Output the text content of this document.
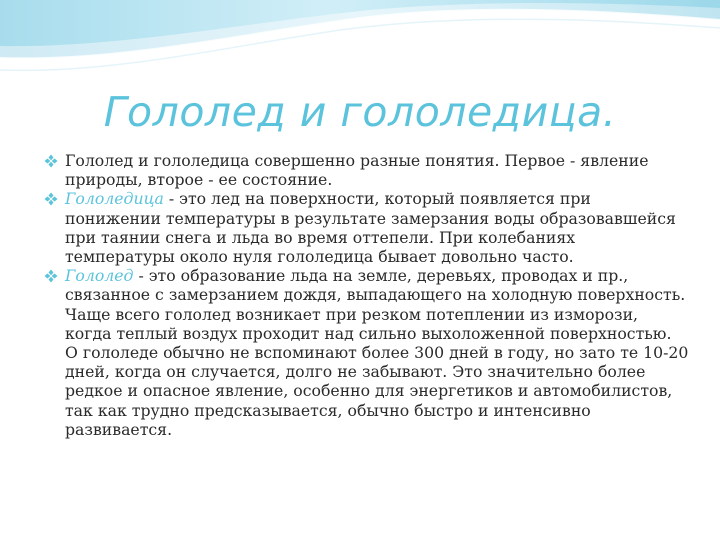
Гололед и гололедица.
Гололед и гололедица совершенно разные понятия. Первое - явление природы, второе - ее состояние.
Гололедица - это лед на поверхности, который появляется при понижении температуры в результате замерзания воды образовавшейся при таянии снега и льда во время оттепели. При колебаниях температуры около нуля гололедица бывает довольно часто.
Гололед - это образование льда на земле, деревьях, проводах и пр., связанное с замерзанием дождя, выпадающего на холодную поверхность. Чаще всего гололед возникает при резком потеплении из изморози, когда теплый воздух проходит над сильно выхоложенной поверхностью. О гололеде обычно не вспоминают более 300 дней в году, но зато те 10-20 дней, когда он случается, долго не забывают. Это значительно более редкое и опасное явление, особенно для энергетиков и автомобилистов, так как трудно предсказывается, обычно быстро и интенсивно развивается.
